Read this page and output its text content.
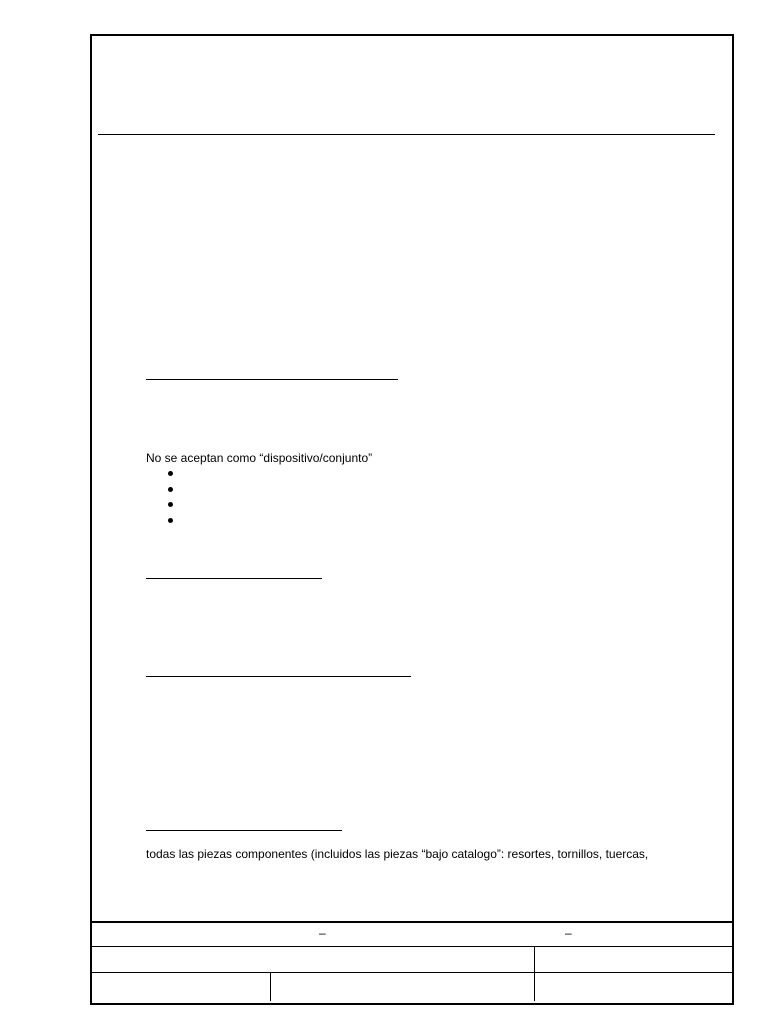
No se aceptan como “dispositivo/conjunto”
todas las piezas componentes (incluidos las piezas “bajo catalogo”: resortes, tornillos, tuercas,
–	–
